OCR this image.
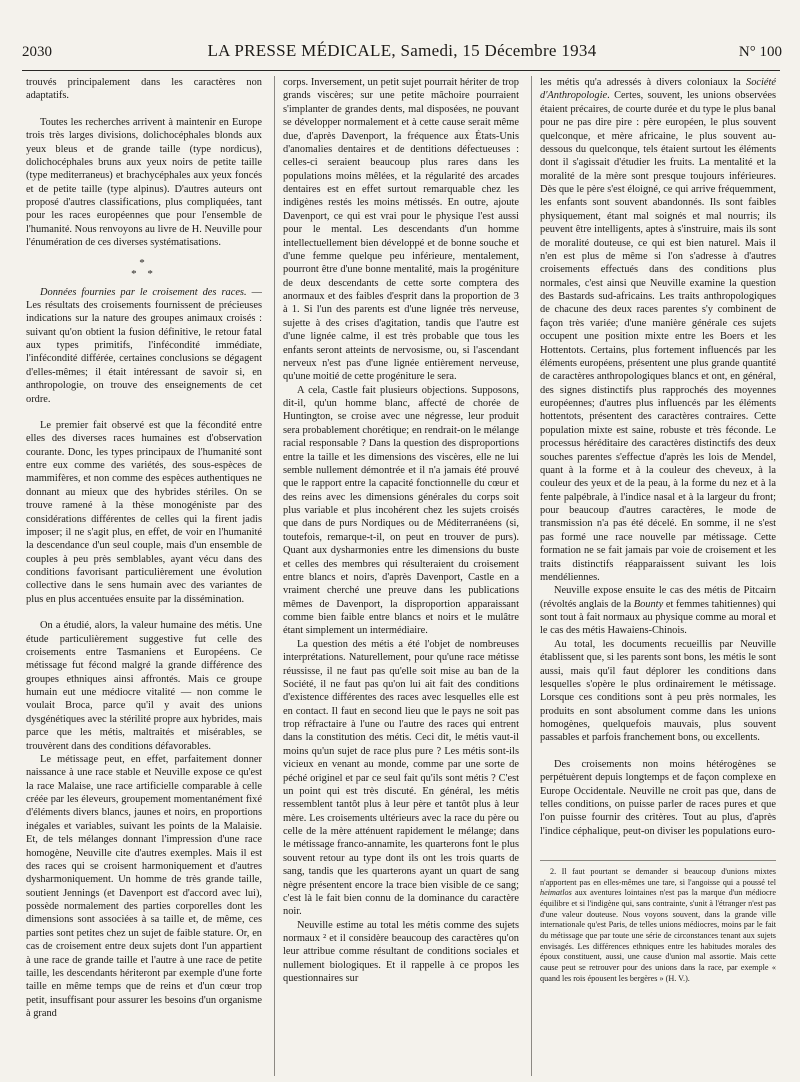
2030	LA PRESSE MÉDICALE, Samedi, 15 Décembre 1934	N° 100

trouvés principalement dans les caractères non adaptatifs.

Toutes les recherches arrivent à maintenir en Europe trois très larges divisions, dolichocéphales blonds aux yeux bleus et de grande taille (type nordicus), dolichocéphales bruns aux yeux noirs de petite taille (type mediterraneus) et brachycéphales aux yeux foncés et de petite taille (type alpinus). D'autres auteurs ont proposé d'autres classifications, plus compliquées, tant pour les races européennes que pour l'ensemble de l'humanité. Nous renvoyons au livre de H. Neuville pour l'énumération de ces diverses systématisations.

*
* *

Données fournies par le croisement des races. — Les résultats des croisements fournissent de précieuses indications sur la nature des groupes animaux croisés : suivant qu'on obtient la fusion définitive, le retour fatal aux types primitifs, l'infécondité immédiate, l'infécondité différée, certaines conclusions se dégagent d'elles-mêmes; il était intéressant de savoir si, en anthropologie, on trouve des enseignements de cet ordre.

Le premier fait observé est que la fécondité entre elles des diverses races humaines est d'observation courante. Donc, les types principaux de l'humanité sont entre eux comme des variétés, des sous-espèces de mammifères, et non comme des espèces authentiques ne donnant au mieux que des hybrides stériles. On se trouve ramené à la thèse monogéniste par des considérations différentes de celles qui la firent jadis imposer; il ne s'agit plus, en effet, de voir en l'humanité la descendance d'un seul couple, mais d'un ensemble de couples à peu près semblables, ayant vécu dans des conditions favorisant particulièrement une évolution collective dans le sens humain avec des variantes de plus en plus accentuées ensuite par la dissémination.

On a étudié, alors, la valeur humaine des métis. Une étude particulièrement suggestive fut celle des croisements entre Tasmaniens et Européens. Ce métissage fut fécond malgré la grande différence des groupes ethniques ainsi affrontés. Mais ce groupe humain eut une médiocre vitalité — non comme le voulait Broca, parce qu'il y avait des unions dysgénétiques avec la stérilité propre aux hybrides, mais parce que les métis, maltraités et misérables, se trouvèrent dans des conditions défavorables.

Le métissage peut, en effet, parfaitement donner naissance à une race stable et Neuville expose ce qu'est la race Malaise, une race artificielle comparable à celle créée par les éleveurs, groupement momentanément fixé d'éléments divers blancs, jaunes et noirs, en proportions inégales et variables, suivant les points de la Malaisie. Et, de tels mélanges donnant l'impression d'une race homogène, Neuville cite d'autres exemples. Mais il est des races qui se croisent harmoniquement et d'autres dysharmoniquement. Un homme de très grande taille, soutient Jennings (et Davenport est d'accord avec lui), possède normalement des parties corporelles dont les dimensions sont associées à sa taille et, de même, ces parties sont petites chez un sujet de faible stature. Or, en cas de croisement entre deux sujets dont l'un appartient à une race de grande taille et l'autre à une race de petite taille, les descendants hériteront par exemple d'une forte taille en même temps que de reins et d'un cœur trop petit, insuffisant pour assurer les besoins d'un organisme à grand

corps. Inversement, un petit sujet pourrait hériter de trop grands viscères; sur une petite mâchoire pourraient s'implanter de grandes dents, mal disposées, ne pouvant se développer normalement et à cette cause serait même due, d'après Davenport, la fréquence aux États-Unis d'anomalies dentaires et de dentitions défectueuses : celles-ci seraient beaucoup plus rares dans les populations moins mêlées, et la régularité des arcades dentaires est en effet surtout remarquable chez les indigènes restés les moins métissés. En outre, ajoute Davenport, ce qui est vrai pour le physique l'est aussi pour le mental. Les descendants d'un homme intellectuellement bien développé et de bonne souche et d'une femme quelque peu inférieure, mentalement, pourront être d'une bonne mentalité, mais la progéniture de deux descendants de cette sorte comptera des anormaux et des faibles d'esprit dans la proportion de 3 à 1. Si l'un des parents est d'une lignée très nerveuse, sujette à des crises d'agitation, tandis que l'autre est d'une lignée calme, il est très probable que tous les enfants seront atteints de nervosisme, ou, si l'ascendant nerveux n'est pas d'une lignée entièrement nerveuse, qu'une moitié de cette progéniture le sera.

A cela, Castle fait plusieurs objections. Supposons, dit-il, qu'un homme blanc, affecté de chorée de Huntington, se croise avec une négresse, leur produit sera probablement chorétique; en rendrait-on le mélange racial responsable ? Dans la question des disproportions entre la taille et les dimensions des viscères, elle ne lui semble nullement démontrée et il n'a jamais été prouvé que le rapport entre la capacité fonctionnelle du cœur et des reins avec les dimensions générales du corps soit plus variable et plus incohérent chez les sujets croisés que dans de purs Nordiques ou de Méditerranéens (si, toutefois, remarque-t-il, on peut en trouver de purs). Quant aux dysharmonies entre les dimensions du buste et celles des membres qui résulteraient du croisement entre blancs et noirs, d'après Davenport, Castle en a vraiment cherché une preuve dans les publications mêmes de Davenport, la disproportion apparaissant comme bien faible entre blancs et noirs et le mulâtre étant simplement un intermédiaire.

La question des métis a été l'objet de nombreuses interprétations. Naturellement, pour qu'une race métisse réussisse, il ne faut pas qu'elle soit mise au ban de la Société, il ne faut pas qu'on lui ait fait des conditions d'existence différentes des races avec lesquelles elle est en contact. Il faut en second lieu que le pays ne soit pas trop réfractaire à l'une ou l'autre des races qui entrent dans la constitution des métis. Ceci dit, le métis vaut-il moins qu'un sujet de race plus pure ? Les métis sont-ils vicieux en venant au monde, comme par une sorte de péché originel et par ce seul fait qu'ils sont métis ? C'est un point qui est très discuté. En général, les métis ressemblent tantôt plus à leur père et tantôt plus à leur mère. Les croisements ultérieurs avec la race du père ou celle de la mère atténuent rapidement le mélange; dans le métissage franco-annamite, les quarterons font le plus souvent retour au type dont ils ont les trois quarts de sang, tandis que les quarterons ayant un quart de sang nègre présentent encore la trace bien visible de ce sang; c'est là le fait bien connu de la dominance du caractère noir.

Neuville estime au total les métis comme des sujets normaux ² et il considère beaucoup des caractères qu'on leur attribue comme résultant de conditions sociales et nullement biologiques. Et il rappelle à ce propos les questionnaires sur

les métis qu'a adressés à divers coloniaux la Société d'Anthropologie. Certes, souvent, les unions observées étaient précaires, de courte durée et du type le plus banal pour ne pas dire pire : père européen, le plus souvent quelconque, et mère africaine, le plus souvent au-dessous du quelconque, tels étaient surtout les éléments dont il s'agissait d'étudier les fruits. La mentalité et la moralité de la mère sont presque toujours inférieures. Dès que le père s'est éloigné, ce qui arrive fréquemment, les enfants sont souvent abandonnés. Ils sont faibles physiquement, étant mal soignés et mal nourris; ils peuvent être intelligents, aptes à s'instruire, mais ils sont de moralité douteuse, ce qui est bien naturel. Mais il n'en est plus de même si l'on s'adresse à d'autres croisements effectués dans des conditions plus normales, c'est ainsi que Neuville examine la question des Bastards sud-africains. Les traits anthropologiques de chacune des deux races parentes s'y combinent de façon très variée; d'une manière générale ces sujets occupent une position mixte entre les Boers et les Hottentots. Certains, plus fortement influencés par les éléments européens, présentent une plus grande quantité de caractères anthropologiques blancs et ont, en général, des signes distinctifs plus rapprochés des moyennes européennes; d'autres plus influencés par les éléments hottentots, présentent des caractères contraires. Cette population mixte est saine, robuste et très féconde. Le processus héréditaire des caractères distinctifs des deux souches parentes s'effectue d'après les lois de Mendel, quant à la forme et à la couleur des cheveux, à la couleur des yeux et de la peau, à la forme du nez et à la fente palpébrale, à l'indice nasal et à la largeur du front; pour beaucoup d'autres caractères, le mode de transmission n'a pas été décelé. En somme, il ne s'est pas formé une race nouvelle par métissage. Cette formation ne se fait jamais par voie de croisement et les traits distinctifs réapparaissent suivant les lois mendéliennes.

Neuville expose ensuite le cas des métis de Pitcairn (révoltés anglais de la Bounty et femmes tahitiennes) qui sont tout à fait normaux au physique comme au moral et le cas des métis Hawaiens-Chinois.

Au total, les documents recueillis par Neuville établissent que, si les parents sont bons, les métis le sont aussi, mais qu'il faut déplorer les conditions dans lesquelles s'opère le plus ordinairement le métissage. Lorsque ces conditions sont à peu près normales, les produits en sont absolument comme dans les unions homogènes, quelquefois mauvais, plus souvent passables et parfois franchement bons, ou excellents.

Des croisements non moins hétérogènes se perpétuèrent depuis longtemps et de façon complexe en Europe Occidentale. Neuville ne croit pas que, dans de telles conditions, on puisse parler de races pures et que l'on puisse fournir des critères. Tout au plus, d'après l'indice céphalique, peut-on diviser les populations euro-

2. Il faut pourtant se demander si beaucoup d'unions mixtes n'apportent pas en elles-mêmes une tare, si l'angoisse qui a poussé tel heimatlos aux aventures lointaines n'est pas la marque d'un médiocre équilibre et si l'indigène qui, sans contrainte, s'unit à l'étranger n'est pas d'une valeur douteuse. Nous voyons souvent, dans la grande ville internationale qu'est Paris, de telles unions médiocres, moins par le fait du métissage que par toute une série de circonstances tenant aux sujets envisagés. Les différences ethniques entre les habitudes morales des époux constituent, aussi, une cause d'union mal assortie. Mais cette cause peut se retrouver pour des unions dans la race, par exemple « quand les rois épousent les bergères » (H. V.).
